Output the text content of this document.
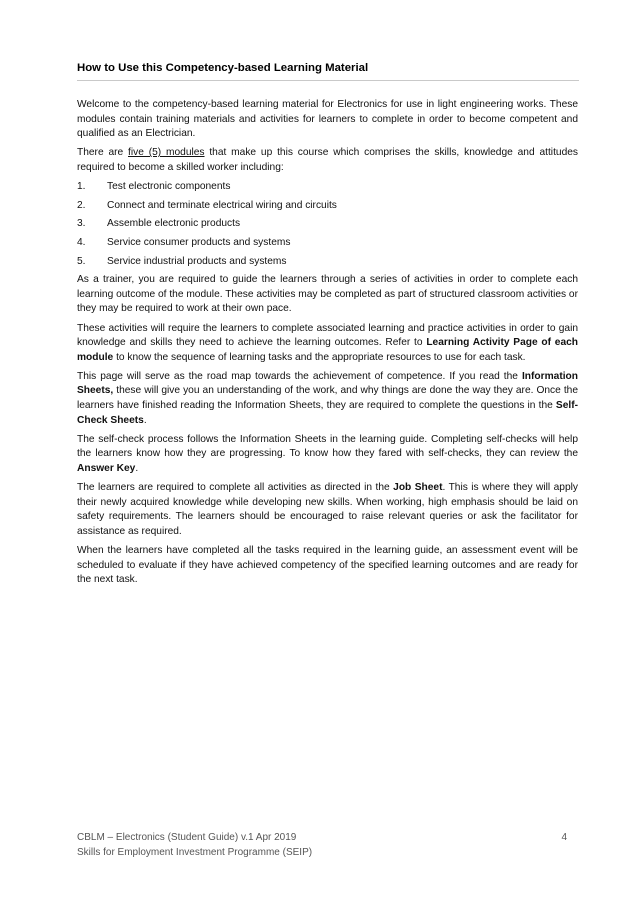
How to Use this Competency-based Learning Material

Welcome to the competency-based learning material for Electronics for use in light engineering works. These modules contain training materials and activities for learners to complete in order to become competent and qualified as an Electrician.

There are five (5) modules that make up this course which comprises the skills, knowledge and attitudes required to become a skilled worker including:

1.	Test electronic components
2.	Connect and terminate electrical wiring and circuits
3.	Assemble electronic products
4.	Service consumer products and systems
5.	Service industrial products and systems

As a trainer, you are required to guide the learners through a series of activities in order to complete each learning outcome of the module. These activities may be completed as part of structured classroom activities or they may be required to work at their own pace.

These activities will require the learners to complete associated learning and practice activities in order to gain knowledge and skills they need to achieve the learning outcomes. Refer to Learning Activity Page of each module to know the sequence of learning tasks and the appropriate resources to use for each task.

This page will serve as the road map towards the achievement of competence. If you read the Information Sheets, these will give you an understanding of the work, and why things are done the way they are. Once the learners have finished reading the Information Sheets, they are required to complete the questions in the Self-Check Sheets.

The self-check process follows the Information Sheets in the learning guide. Completing self-checks will help the learners know how they are progressing. To know how they fared with self-checks, they can review the Answer Key.

The learners are required to complete all activities as directed in the Job Sheet. This is where they will apply their newly acquired knowledge while developing new skills. When working, high emphasis should be laid on safety requirements. The learners should be encouraged to raise relevant queries or ask the facilitator for assistance as required.

When the learners have completed all the tasks required in the learning guide, an assessment event will be scheduled to evaluate if they have achieved competency of the specified learning outcomes and are ready for the next task.

CBLM – Electronics (Student Guide) v.1 Apr 2019
Skills for Employment Investment Programme (SEIP)
4
